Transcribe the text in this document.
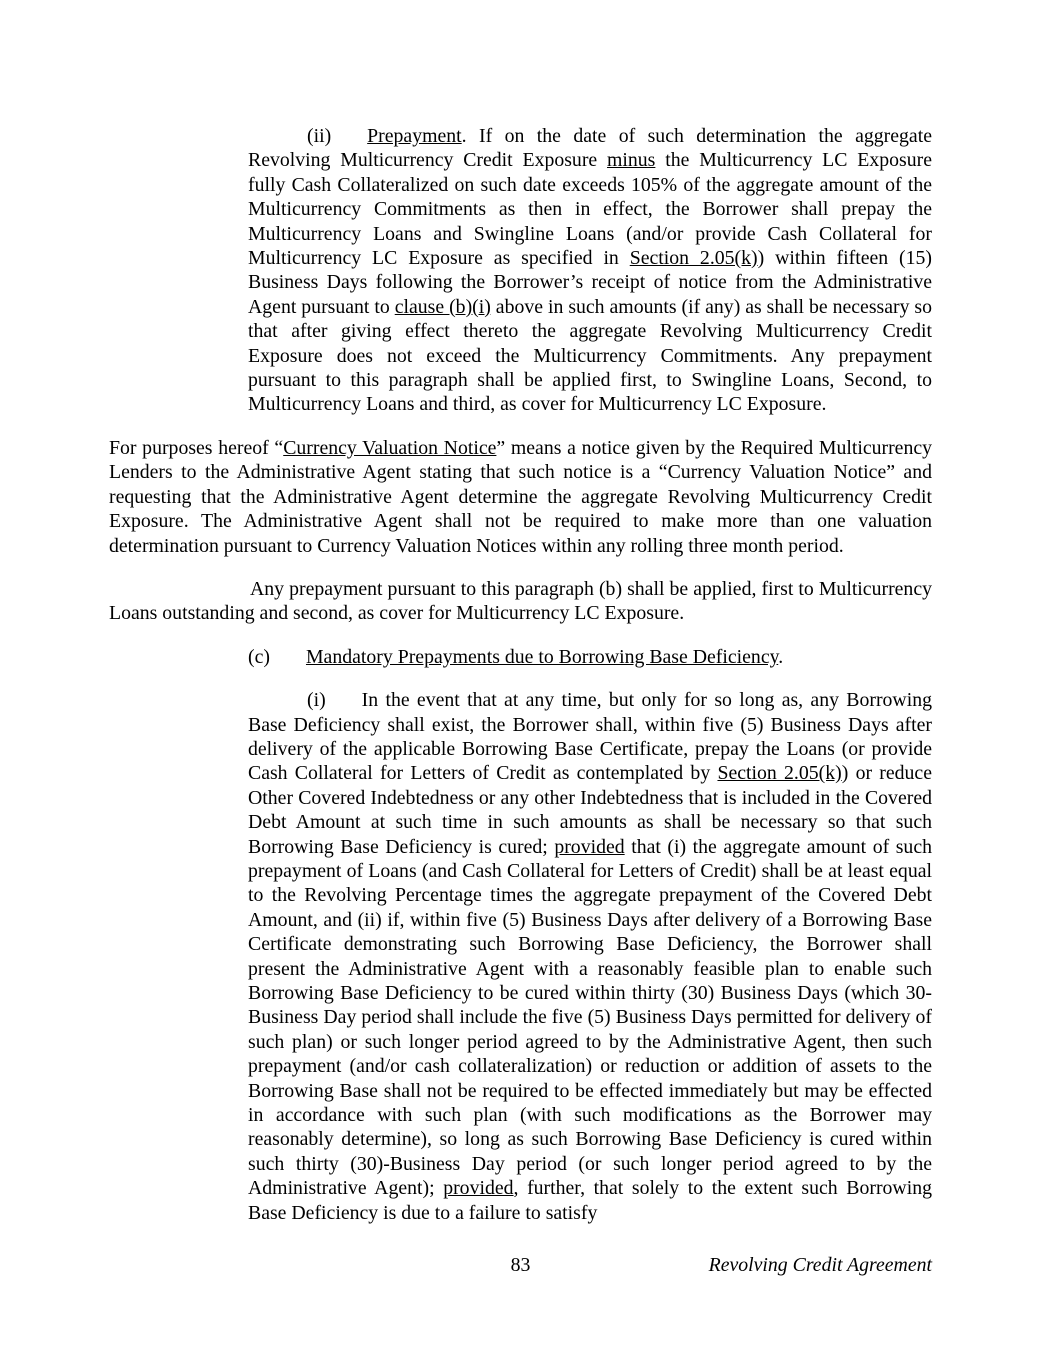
(ii) Prepayment. If on the date of such determination the aggregate Revolving Multicurrency Credit Exposure minus the Multicurrency LC Exposure fully Cash Collateralized on such date exceeds 105% of the aggregate amount of the Multicurrency Commitments as then in effect, the Borrower shall prepay the Multicurrency Loans and Swingline Loans (and/or provide Cash Collateral for Multicurrency LC Exposure as specified in Section 2.05(k)) within fifteen (15) Business Days following the Borrower’s receipt of notice from the Administrative Agent pursuant to clause (b)(i) above in such amounts (if any) as shall be necessary so that after giving effect thereto the aggregate Revolving Multicurrency Credit Exposure does not exceed the Multicurrency Commitments. Any prepayment pursuant to this paragraph shall be applied first, to Swingline Loans, Second, to Multicurrency Loans and third, as cover for Multicurrency LC Exposure.

For purposes hereof “Currency Valuation Notice” means a notice given by the Required Multicurrency Lenders to the Administrative Agent stating that such notice is a “Currency Valuation Notice” and requesting that the Administrative Agent determine the aggregate Revolving Multicurrency Credit Exposure. The Administrative Agent shall not be required to make more than one valuation determination pursuant to Currency Valuation Notices within any rolling three month period.

Any prepayment pursuant to this paragraph (b) shall be applied, first to Multicurrency Loans outstanding and second, as cover for Multicurrency LC Exposure.

(c) Mandatory Prepayments due to Borrowing Base Deficiency.

(i) In the event that at any time, but only for so long as, any Borrowing Base Deficiency shall exist, the Borrower shall, within five (5) Business Days after delivery of the applicable Borrowing Base Certificate, prepay the Loans (or provide Cash Collateral for Letters of Credit as contemplated by Section 2.05(k)) or reduce Other Covered Indebtedness or any other Indebtedness that is included in the Covered Debt Amount at such time in such amounts as shall be necessary so that such Borrowing Base Deficiency is cured; provided that (i) the aggregate amount of such prepayment of Loans (and Cash Collateral for Letters of Credit) shall be at least equal to the Revolving Percentage times the aggregate prepayment of the Covered Debt Amount, and (ii) if, within five (5) Business Days after delivery of a Borrowing Base Certificate demonstrating such Borrowing Base Deficiency, the Borrower shall present the Administrative Agent with a reasonably feasible plan to enable such Borrowing Base Deficiency to be cured within thirty (30) Business Days (which 30-Business Day period shall include the five (5) Business Days permitted for delivery of such plan) or such longer period agreed to by the Administrative Agent, then such prepayment (and/or cash collateralization) or reduction or addition of assets to the Borrowing Base shall not be required to be effected immediately but may be effected in accordance with such plan (with such modifications as the Borrower may reasonably determine), so long as such Borrowing Base Deficiency is cured within such thirty (30)-Business Day period (or such longer period agreed to by the Administrative Agent); provided, further, that solely to the extent such Borrowing Base Deficiency is due to a failure to satisfy

83	Revolving Credit Agreement
